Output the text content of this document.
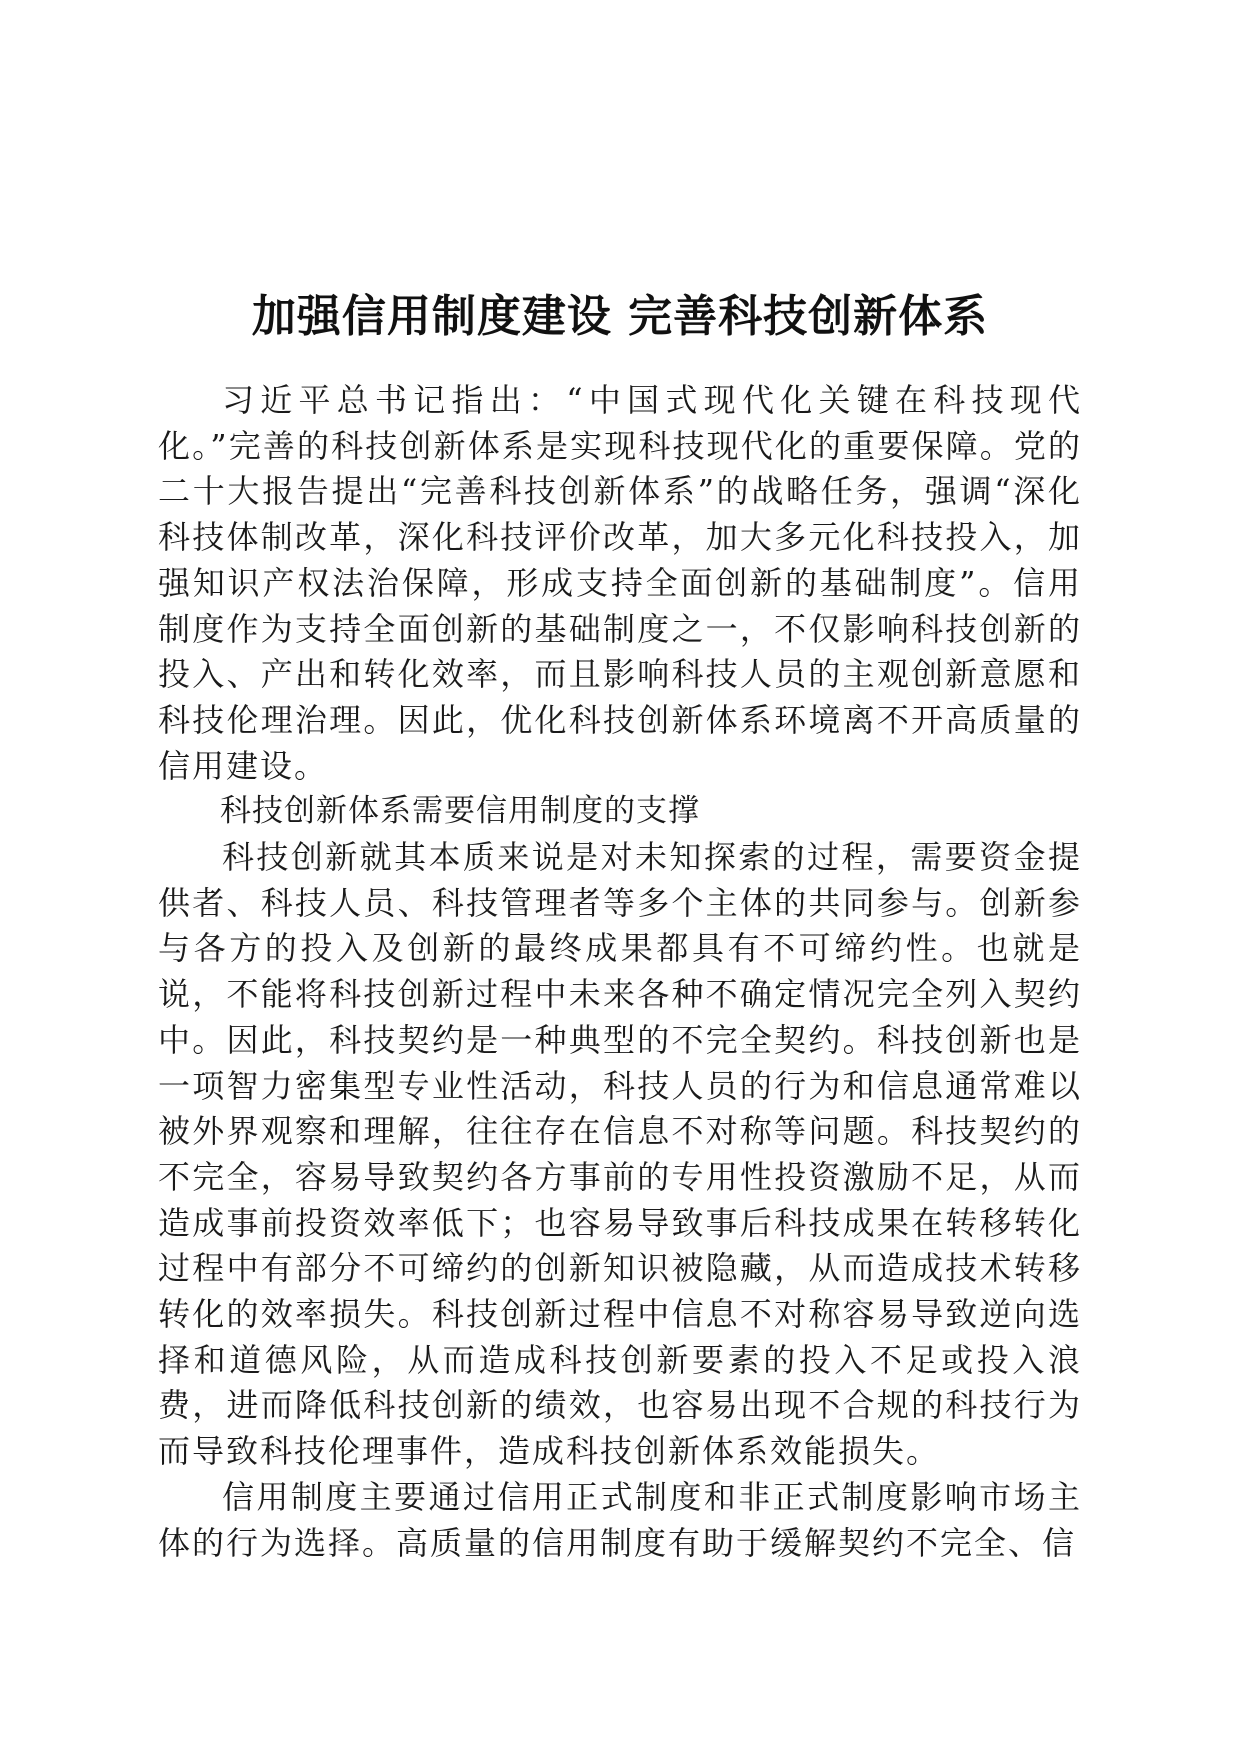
加强信用制度建设 完善科技创新体系

习近平总书记指出：“中国式现代化关键在科技现代化。”完善的科技创新体系是实现科技现代化的重要保障。党的二十大报告提出“完善科技创新体系”的战略任务，强调“深化科技体制改革，深化科技评价改革，加大多元化科技投入，加强知识产权法治保障，形成支持全面创新的基础制度”。信用制度作为支持全面创新的基础制度之一，不仅影响科技创新的投入、产出和转化效率，而且影响科技人员的主观创新意愿和科技伦理治理。因此，优化科技创新体系环境离不开高质量的信用建设。

科技创新体系需要信用制度的支撑

科技创新就其本质来说是对未知探索的过程，需要资金提供者、科技人员、科技管理者等多个主体的共同参与。创新参与各方的投入及创新的最终成果都具有不可缔约性。也就是说，不能将科技创新过程中未来各种不确定情况完全列入契约中。因此，科技契约是一种典型的不完全契约。科技创新也是一项智力密集型专业性活动，科技人员的行为和信息通常难以被外界观察和理解，往往存在信息不对称等问题。科技契约的不完全，容易导致契约各方事前的专用性投资激励不足，从而造成事前投资效率低下；也容易导致事后科技成果在转移转化过程中有部分不可缔约的创新知识被隐藏，从而造成技术转移转化的效率损失。科技创新过程中信息不对称容易导致逆向选择和道德风险，从而造成科技创新要素的投入不足或投入浪费，进而降低科技创新的绩效，也容易出现不合规的科技行为而导致科技伦理事件，造成科技创新体系效能损失。

信用制度主要通过信用正式制度和非正式制度影响市场主体的行为选择。高质量的信用制度有助于缓解契约不完全、信
